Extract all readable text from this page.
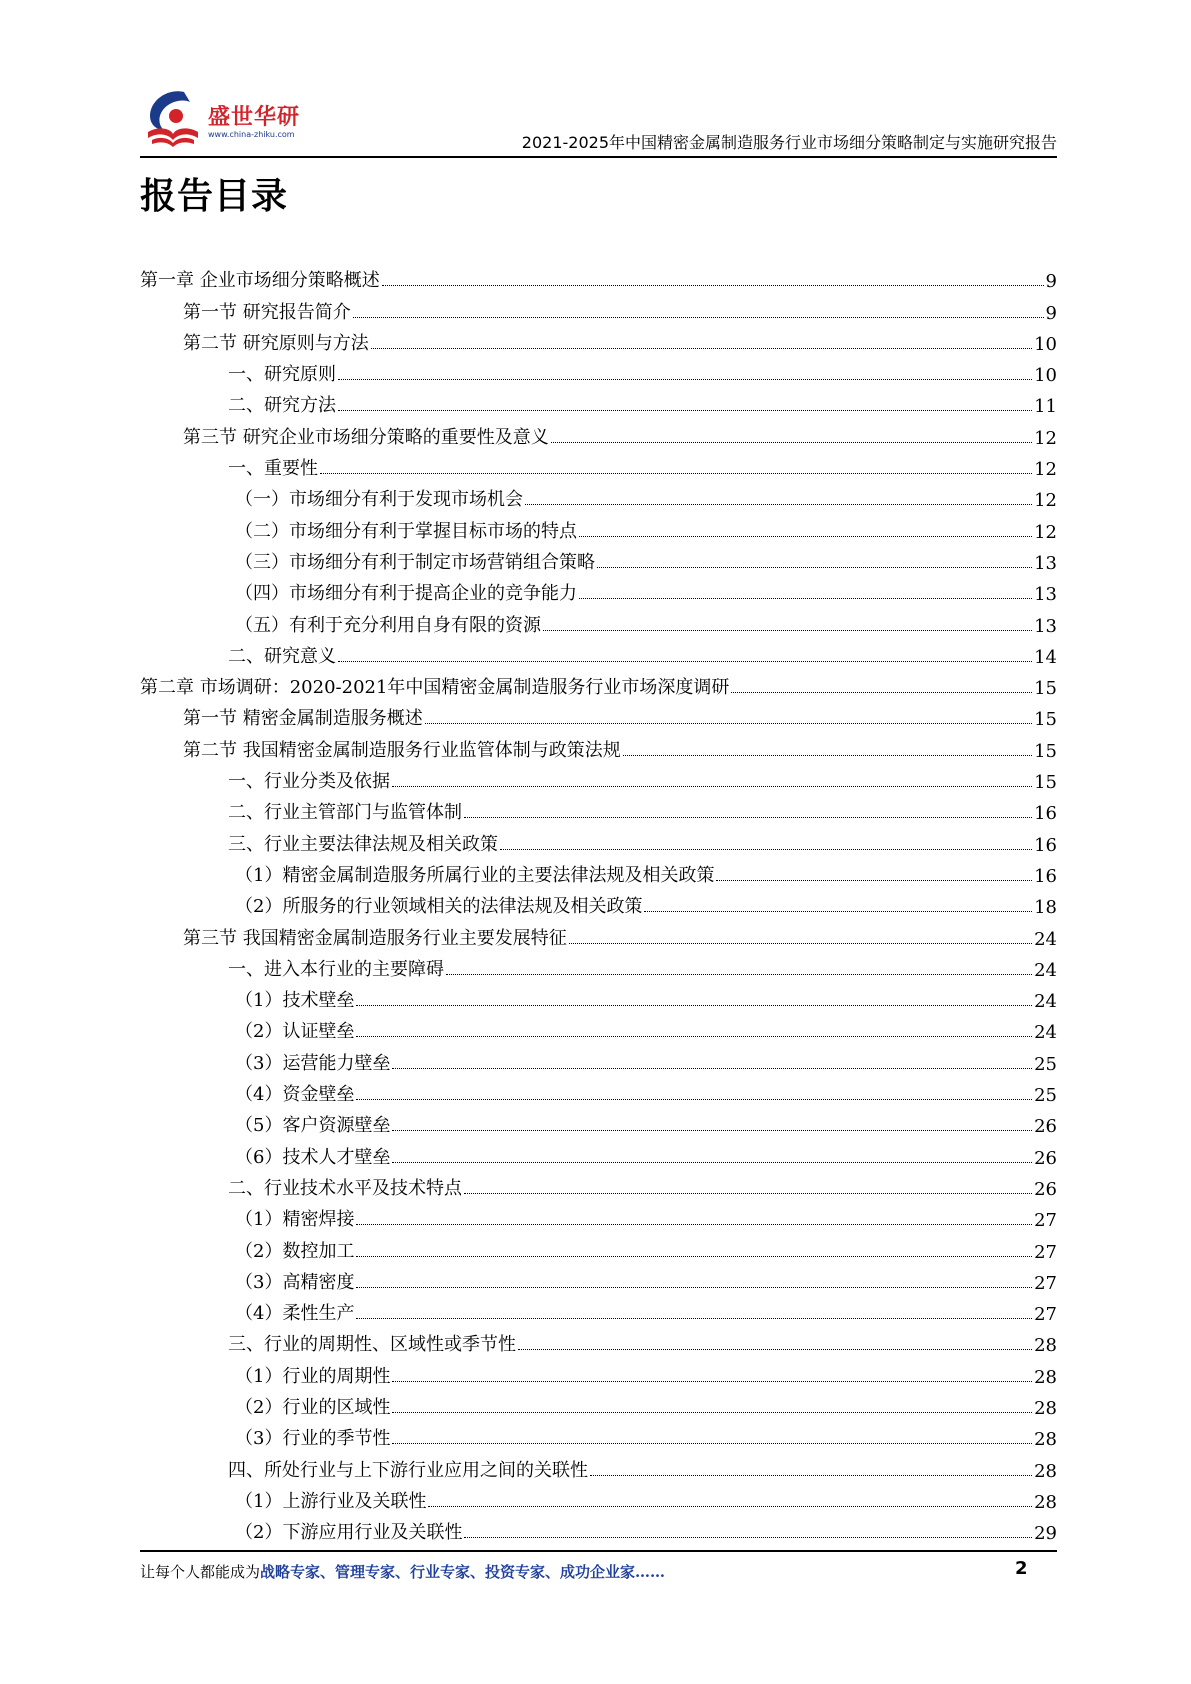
盛世华研
www.china-zhiku.com	2021-2025年中国精密金属制造服务行业市场细分策略制定与实施研究报告
报告目录
第一章 企业市场细分策略概述	9
第一节 研究报告简介	9
第二节 研究原则与方法	10
一、研究原则	10
二、研究方法	11
第三节 研究企业市场细分策略的重要性及意义	12
一、重要性	12
（一）市场细分有利于发现市场机会	12
（二）市场细分有利于掌握目标市场的特点	12
（三）市场细分有利于制定市场营销组合策略	13
（四）市场细分有利于提高企业的竞争能力	13
（五）有利于充分利用自身有限的资源	13
二、研究意义	14
第二章 市场调研：2020-2021年中国精密金属制造服务行业市场深度调研	15
第一节 精密金属制造服务概述	15
第二节 我国精密金属制造服务行业监管体制与政策法规	15
一、行业分类及依据	15
二、行业主管部门与监管体制	16
三、行业主要法律法规及相关政策	16
（1）精密金属制造服务所属行业的主要法律法规及相关政策	16
（2）所服务的行业领域相关的法律法规及相关政策	18
第三节 我国精密金属制造服务行业主要发展特征	24
一、进入本行业的主要障碍	24
（1）技术壁垒	24
（2）认证壁垒	24
（3）运营能力壁垒	25
（4）资金壁垒	25
（5）客户资源壁垒	26
（6）技术人才壁垒	26
二、行业技术水平及技术特点	26
（1）精密焊接	27
（2）数控加工	27
（3）高精密度	27
（4）柔性生产	27
三、行业的周期性、区域性或季节性	28
（1）行业的周期性	28
（2）行业的区域性	28
（3）行业的季节性	28
四、所处行业与上下游行业应用之间的关联性	28
（1）上游行业及关联性	28
（2）下游应用行业及关联性	29
让每个人都能成为战略专家、管理专家、行业专家、投资专家、成功企业家……	2
